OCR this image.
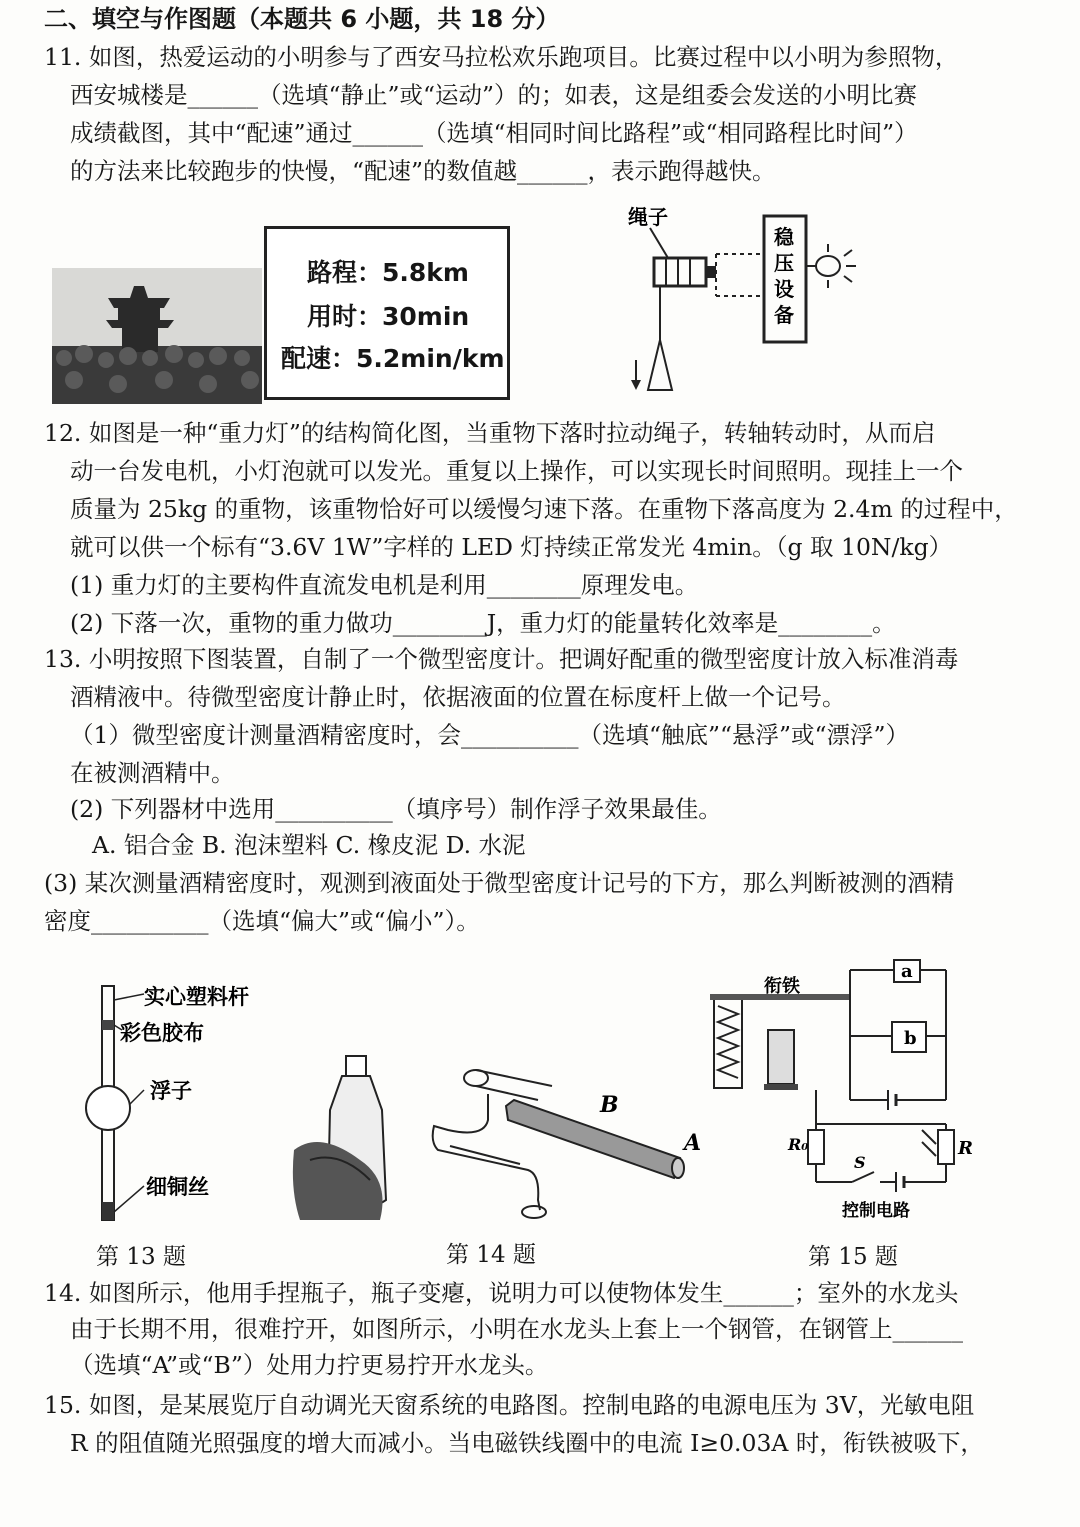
二、填空与作图题（本题共 6 小题，共 18 分）
11. 如图，热爱运动的小明参与了西安马拉松欢乐跑项目。比赛过程中以小明为参照物，
西安城楼是______（选填“静止”或“运动”）的；如表，这是组委会发送的小明比赛
成绩截图，其中“配速”通过______（选填“相同时间比路程”或“相同路程比时间”）
的方法来比较跑步的快慢，“配速”的数值越______，表示跑得越快。
路程：5.8km
用时：30min
配速：5.2min/km
绳子
稳
压
设
备
12. 如图是一种“重力灯”的结构简化图，当重物下落时拉动绳子，转轴转动时，从而启
动一台发电机，小灯泡就可以发光。重复以上操作，可以实现长时间照明。现挂上一个
质量为 25kg 的重物，该重物恰好可以缓慢匀速下落。在重物下落高度为 2.4m 的过程中，
就可以供一个标有“3.6V 1W”字样的 LED 灯持续正常发光 4min。（g 取 10N/kg）
(1) 重力灯的主要构件直流发电机是利用________原理发电。
(2) 下落一次，重物的重力做功________J，重力灯的能量转化效率是________。
13. 小明按照下图装置，自制了一个微型密度计。把调好配重的微型密度计放入标准消毒
酒精液中。待微型密度计静止时，依据液面的位置在标度杆上做一个记号。
（1）微型密度计测量酒精密度时，会__________（选填“触底”“悬浮”或“漂浮”）
在被测酒精中。
(2) 下列器材中选用__________（填序号）制作浮子效果最佳。
A. 铝合金 B. 泡沫塑料 C. 橡皮泥 D. 水泥
(3) 某次测量酒精密度时，观测到液面处于微型密度计记号的下方，那么判断被测的酒精
密度__________（选填“偏大”或“偏小”）。
实心塑料杆
彩色胶布
浮子
细铜丝
B
A
衔铁
a
b
R₀	R
S
控制电路
第 13 题	第 14 题	第 15 题
14. 如图所示，他用手捏瓶子，瓶子变瘪，说明力可以使物体发生______；室外的水龙头
由于长期不用，很难拧开，如图所示，小明在水龙头上套上一个钢管，在钢管上______
（选填“A”或“B”）处用力拧更易拧开水龙头。
15. 如图，是某展览厅自动调光天窗系统的电路图。控制电路的电源电压为 3V，光敏电阻
R 的阻值随光照强度的增大而减小。当电磁铁线圈中的电流 I≥0.03A 时，衔铁被吸下，
